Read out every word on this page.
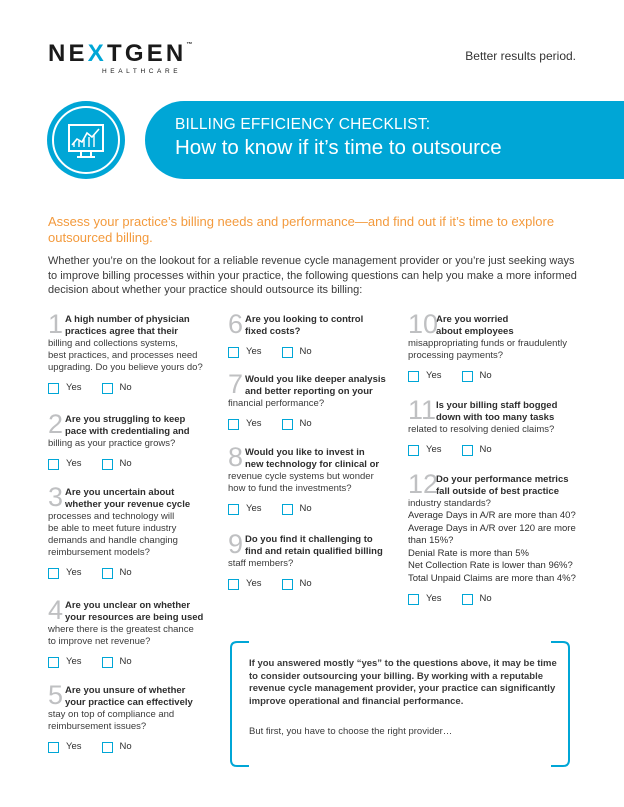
NEXTGEN™
HEALTHCARE
Better results period.
BILLING EFFICIENCY CHECKLIST:
How to know if it’s time to outsource
Assess your practice’s billing needs and performance—and find out if it’s time to explore outsourced billing.
Whether you’re on the lookout for a reliable revenue cycle management provider or you’re just seeking ways to improve billing processes within your practice, the following questions can help you make a more informed decision about whether your practice should outsource its billing:
1 A high number of physician
practices agree that their
billing and collections systems,
best practices, and processes need
upgrading. Do you believe yours do?
Yes	No
2 Are you struggling to keep
pace with credentialing and
billing as your practice grows?
Yes	No
3 Are you uncertain about
whether your revenue cycle
processes and technology will
be able to meet future industry
demands and handle changing
reimbursement models?
Yes	No
4 Are you unclear on whether
your resources are being used
where there is the greatest chance
to improve net revenue?
Yes	No
5 Are you unsure of whether
your practice can effectively
stay on top of compliance and
reimbursement issues?
Yes	No
6 Are you looking to control
fixed costs?
Yes	No
7 Would you like deeper analysis
and better reporting on your
financial performance?
Yes	No
8 Would you like to invest in
new technology for clinical or
revenue cycle systems but wonder
how to fund the investments?
Yes	No
9 Do you find it challenging to
find and retain qualified billing
staff members?
Yes	No
10
Are you worried
about employees
misappropriating funds or fraudulently
processing payments?
Yes	No
11 Is your billing staff bogged
down with too many tasks
related to resolving denied claims?
Yes	No
12
Do your performance metrics
fall outside of best practice
industry standards?
Average Days in A/R are more than 40?
Average Days in A/R over 120 are more
than 15%?
Denial Rate is more than 5%
Net Collection Rate is lower than 96%?
Total Unpaid Claims are more than 4%?
Yes	No
If you answered mostly “yes” to the questions above, it may be time to consider outsourcing your billing. By working with a reputable revenue cycle management provider, your practice can significantly improve operational and financial performance.
But first, you have to choose the right provider…
